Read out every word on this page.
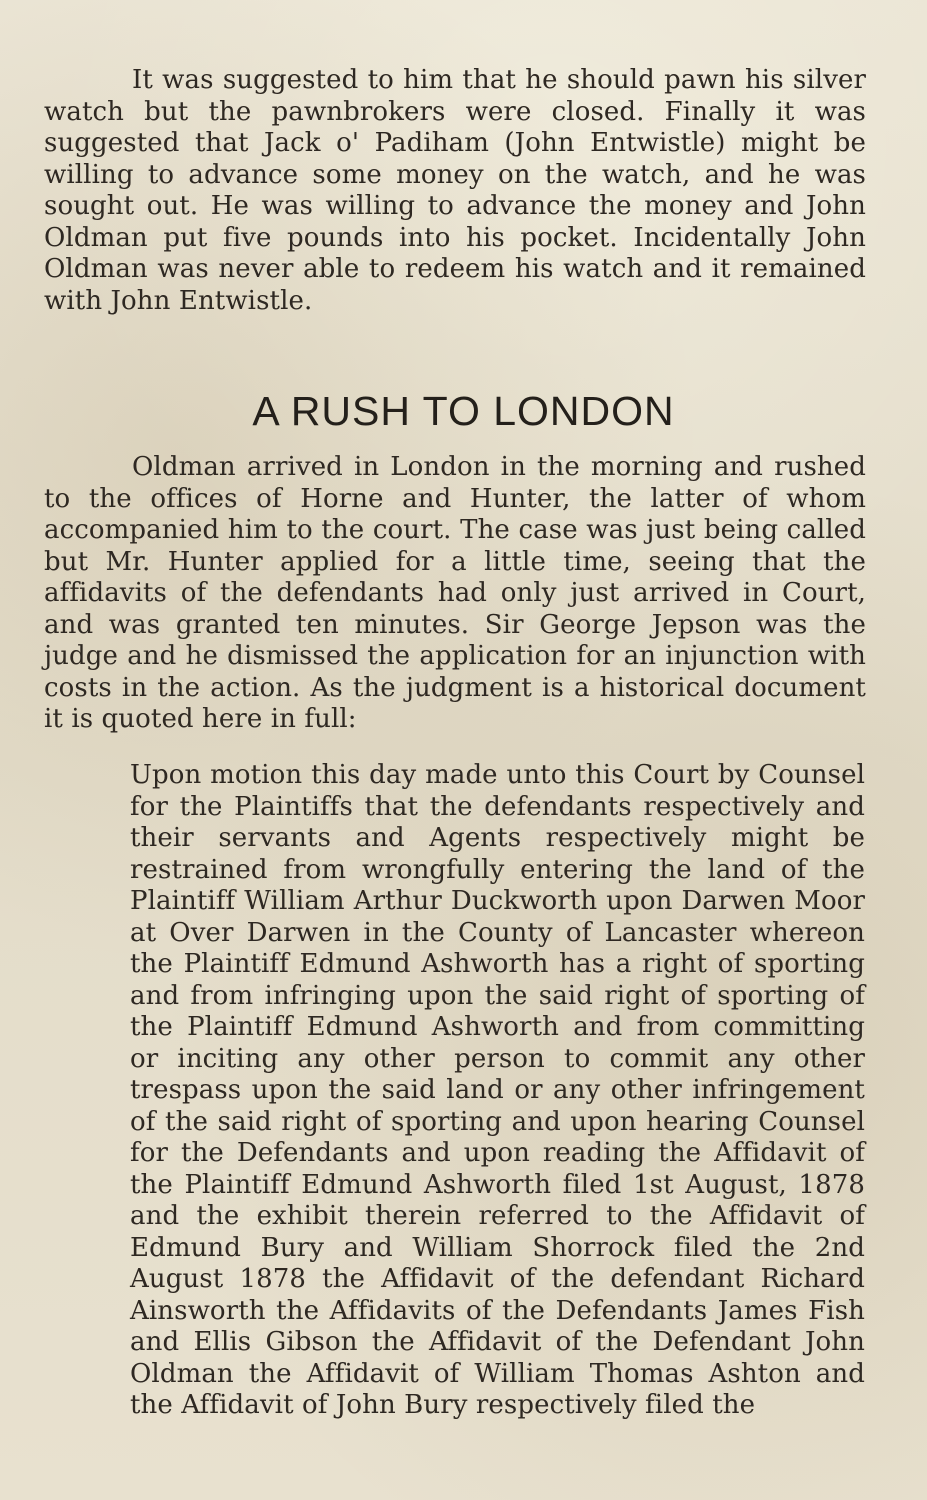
It was suggested to him that he should pawn his silver watch but the pawnbrokers were closed. Finally it was suggested that Jack o' Padiham (John Entwistle) might be willing to advance some money on the watch, and he was sought out. He was willing to advance the money and John Oldman put five pounds into his pocket. Incidentally John Oldman was never able to redeem his watch and it remained with John Entwistle.

A RUSH TO LONDON

Oldman arrived in London in the morning and rushed to the offices of Horne and Hunter, the latter of whom accompanied him to the court. The case was just being called but Mr. Hunter applied for a little time, seeing that the affidavits of the defendants had only just arrived in Court, and was granted ten minutes. Sir George Jepson was the judge and he dismissed the application for an injunction with costs in the action. As the judgment is a historical document it is quoted here in full:

Upon motion this day made unto this Court by Counsel for the Plaintiffs that the defendants respectively and their servants and Agents respectively might be restrained from wrongfully entering the land of the Plaintiff William Arthur Duckworth upon Darwen Moor at Over Darwen in the County of Lancaster whereon the Plaintiff Edmund Ashworth has a right of sporting and from infringing upon the said right of sporting of the Plaintiff Edmund Ashworth and from committing or inciting any other person to commit any other trespass upon the said land or any other infringement of the said right of sporting and upon hearing Counsel for the Defendants and upon reading the Affidavit of the Plaintiff Edmund Ashworth filed 1st August, 1878 and the exhibit therein referred to the Affidavit of Edmund Bury and William Shorrock filed the 2nd August 1878 the Affidavit of the defendant Richard Ainsworth the Affidavits of the Defendants James Fish and Ellis Gibson the Affidavit of the Defendant John Oldman the Affidavit of William Thomas Ashton and the Affidavit of John Bury respectively filed the
